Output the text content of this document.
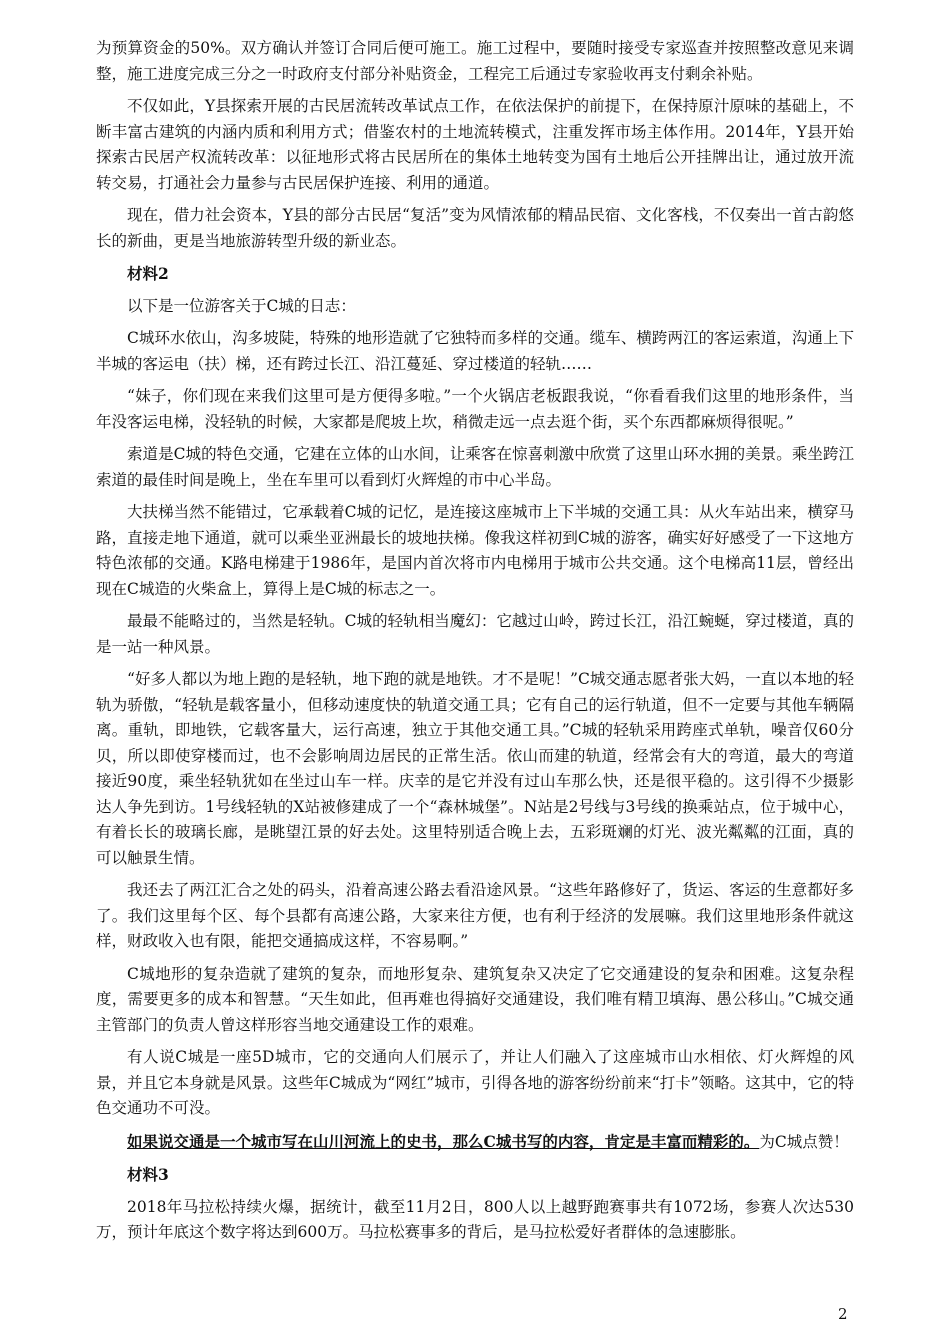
为预算资金的50%。双方确认并签订合同后便可施工。施工过程中，要随时接受专家巡查并按照整改意见来调整，施工进度完成三分之一时政府支付部分补贴资金，工程完工后通过专家验收再支付剩余补贴。

不仅如此，Y县探索开展的古民居流转改革试点工作，在依法保护的前提下，在保持原汁原味的基础上，不断丰富古建筑的内涵内质和利用方式；借鉴农村的土地流转模式，注重发挥市场主体作用。2014年，Y县开始探索古民居产权流转改革：以征地形式将古民居所在的集体土地转变为国有土地后公开挂牌出让，通过放开流转交易，打通社会力量参与古民居保护连接、利用的通道。

现在，借力社会资本，Y县的部分古民居“复活”变为风情浓郁的精品民宿、文化客栈，不仅奏出一首古韵悠长的新曲，更是当地旅游转型升级的新业态。

材料2

以下是一位游客关于C城的日志：

C城环水依山，沟多坡陡，特殊的地形造就了它独特而多样的交通。缆车、横跨两江的客运索道，沟通上下半城的客运电（扶）梯，还有跨过长江、沿江蔓延、穿过楼道的轻轨……

“妹子，你们现在来我们这里可是方便得多啦。”一个火锅店老板跟我说，“你看看我们这里的地形条件，当年没客运电梯，没轻轨的时候，大家都是爬坡上坎，稍微走远一点去逛个街，买个东西都麻烦得很呢。”

索道是C城的特色交通，它建在立体的山水间，让乘客在惊喜刺激中欣赏了这里山环水拥的美景。乘坐跨江索道的最佳时间是晚上，坐在车里可以看到灯火辉煌的市中心半岛。

大扶梯当然不能错过，它承载着C城的记忆，是连接这座城市上下半城的交通工具：从火车站出来，横穿马路，直接走地下通道，就可以乘坐亚洲最长的坡地扶梯。像我这样初到C城的游客，确实好好感受了一下这地方特色浓郁的交通。K路电梯建于1986年，是国内首次将市内电梯用于城市公共交通。这个电梯高11层，曾经出现在C城造的火柴盒上，算得上是C城的标志之一。

最最不能略过的，当然是轻轨。C城的轻轨相当魔幻：它越过山岭，跨过长江，沿江蜿蜒，穿过楼道，真的是一站一种风景。

“好多人都以为地上跑的是轻轨，地下跑的就是地铁。才不是呢！”C城交通志愿者张大妈，一直以本地的轻轨为骄傲，“轻轨是载客量小，但移动速度快的轨道交通工具；它有自己的运行轨道，但不一定要与其他车辆隔离。重轨，即地铁，它载客量大，运行高速，独立于其他交通工具。”C城的轻轨采用跨座式单轨，噪音仅60分贝，所以即使穿楼而过，也不会影响周边居民的正常生活。依山而建的轨道，经常会有大的弯道，最大的弯道接近90度，乘坐轻轨犹如在坐过山车一样。庆幸的是它并没有过山车那么快，还是很平稳的。这引得不少摄影达人争先到访。1号线轻轨的X站被修建成了一个“森林城堡”。N站是2号线与3号线的换乘站点，位于城中心，有着长长的玻璃长廊，是眺望江景的好去处。这里特别适合晚上去，五彩斑斓的灯光、波光粼粼的江面，真的可以触景生情。

我还去了两江汇合之处的码头，沿着高速公路去看沿途风景。“这些年路修好了，货运、客运的生意都好多了。我们这里每个区、每个县都有高速公路，大家来往方便，也有利于经济的发展嘛。我们这里地形条件就这样，财政收入也有限，能把交通搞成这样，不容易啊。”

C城地形的复杂造就了建筑的复杂，而地形复杂、建筑复杂又决定了它交通建设的复杂和困难。这复杂程度，需要更多的成本和智慧。“天生如此，但再难也得搞好交通建设，我们唯有精卫填海、愚公移山。”C城交通主管部门的负责人曾这样形容当地交通建设工作的艰难。

有人说C城是一座5D城市，它的交通向人们展示了，并让人们融入了这座城市山水相依、灯火辉煌的风景，并且它本身就是风景。这些年C城成为“网红”城市，引得各地的游客纷纷前来“打卡”领略。这其中，它的特色交通功不可没。

如果说交通是一个城市写在山川河流上的史书，那么C城书写的内容，肯定是丰富而精彩的。为C城点赞！

材料3

2018年马拉松持续火爆，据统计，截至11月2日，800人以上越野跑赛事共有1072场，参赛人次达530万，预计年底这个数字将达到600万。马拉松赛事多的背后，是马拉松爱好者群体的急速膨胀。

2
